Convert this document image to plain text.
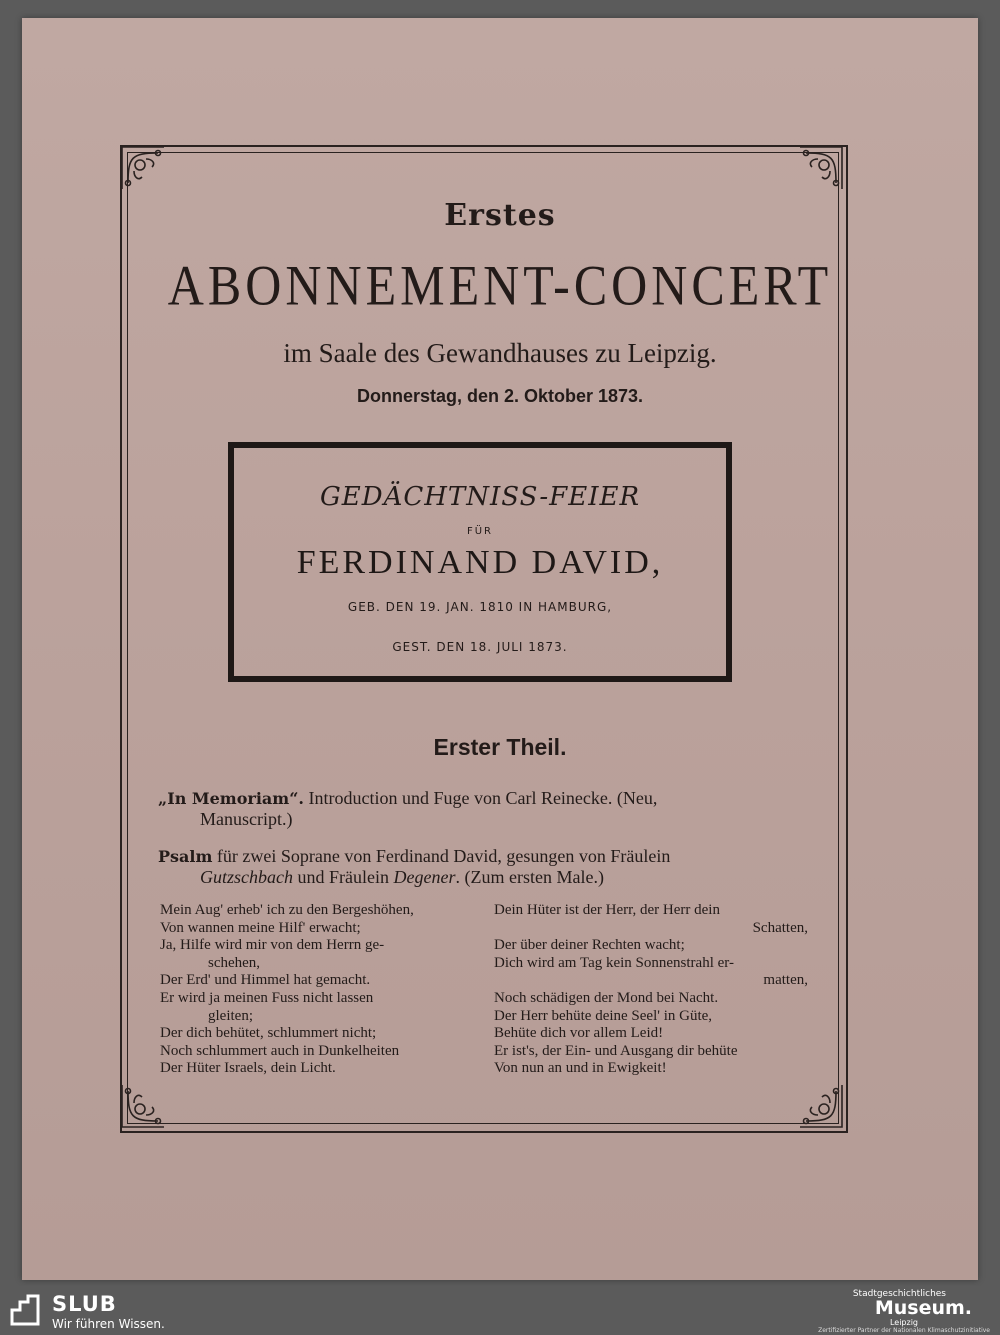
Erstes
ABONNEMENT-CONCERT
im Saale des Gewandhauses zu Leipzig.
Donnerstag, den 2. Oktober 1873.
GEDÄCHTNISS-FEIER
FÜR
FERDINAND DAVID,
GEB. DEN 19. JAN. 1810 IN HAMBURG,
GEST. DEN 18. JULI 1873.
Erster Theil.
„In Memoriam“. Introduction und Fuge von Carl Reinecke. (Neu,
Manuscript.)
Psalm für zwei Soprane von Ferdinand David, gesungen von Fräulein
Gutzschbach und Fräulein Degener. (Zum ersten Male.)
Mein Aug' erheb' ich zu den Bergeshöhen,
Von wannen meine Hilf' erwacht;
Ja, Hilfe wird mir von dem Herrn ge-
schehen,
Der Erd' und Himmel hat gemacht.
Er wird ja meinen Fuss nicht lassen
gleiten;
Der dich behütet, schlummert nicht;
Noch schlummert auch in Dunkelheiten
Der Hüter Israels, dein Licht.
Dein Hüter ist der Herr, der Herr dein
Schatten,
Der über deiner Rechten wacht;
Dich wird am Tag kein Sonnenstrahl er-
matten,
Noch schädigen der Mond bei Nacht.
Der Herr behüte deine Seel' in Güte,
Behüte dich vor allem Leid!
Er ist's, der Ein- und Ausgang dir behüte
Von nun an und in Ewigkeit!
SLUB
Wir führen Wissen.
Stadtgeschichtliches
Museum.
Leipzig
Zertifizierter Partner der Nationalen Klimaschutzinitiative
